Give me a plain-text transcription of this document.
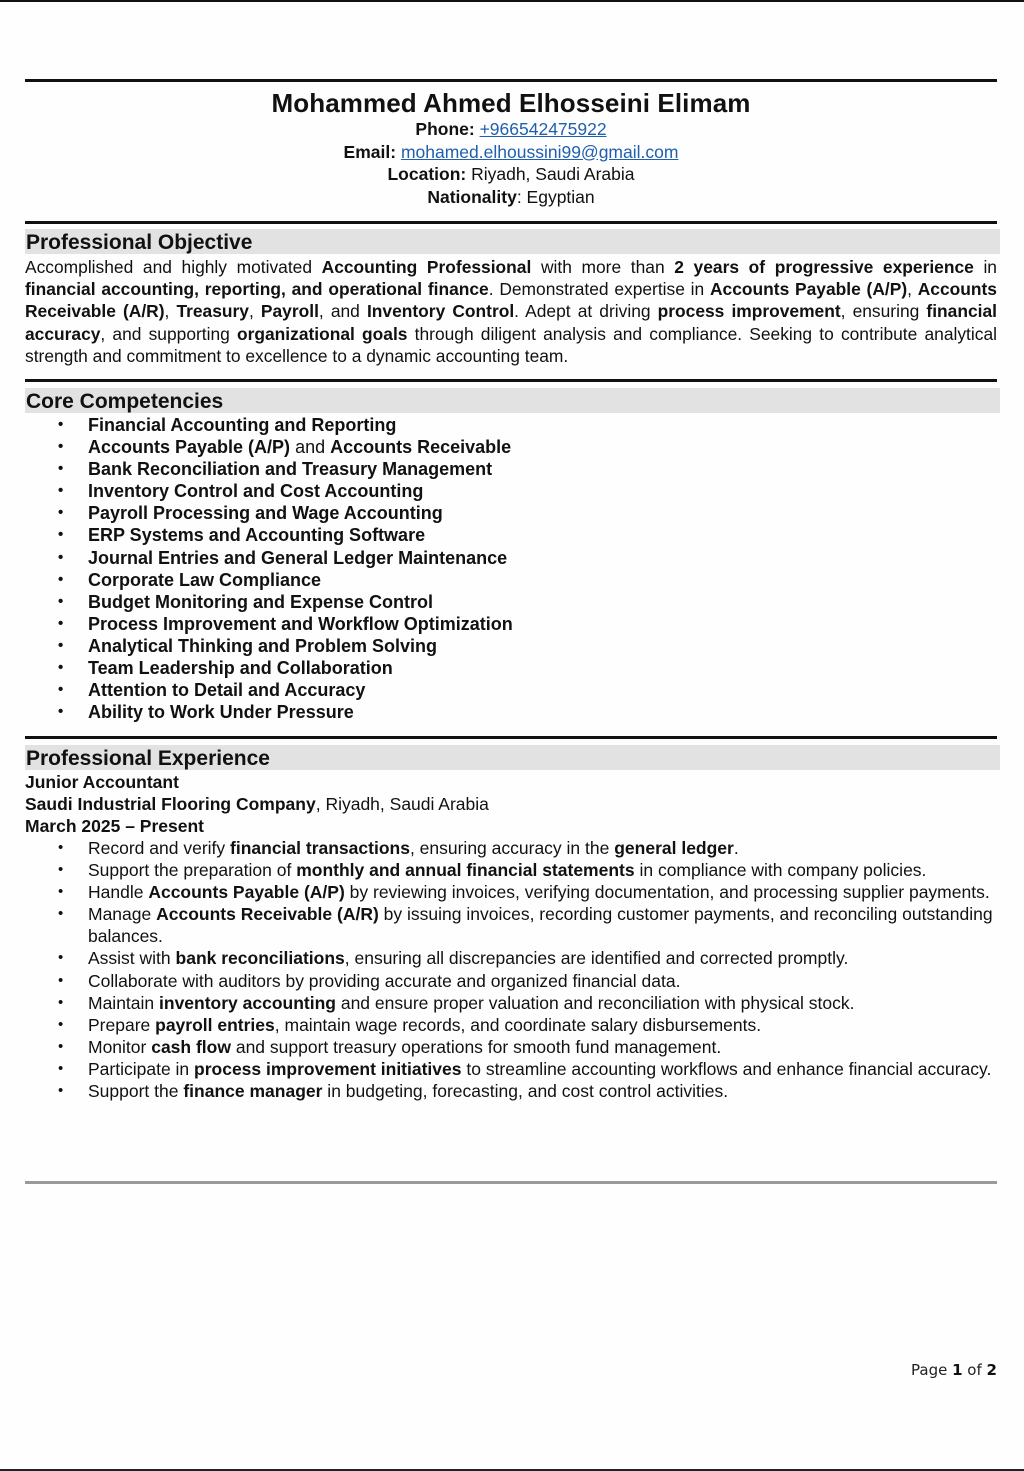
Mohammed Ahmed Elhosseini Elimam
Phone: +966542475922
Email: mohamed.elhoussini99@gmail.com
Location: Riyadh, Saudi Arabia
Nationality: Egyptian
Professional Objective
Accomplished and highly motivated Accounting Professional with more than 2 years of progressive experience in financial accounting, reporting, and operational finance. Demonstrated expertise in Accounts Payable (A/P), Accounts Receivable (A/R), Treasury, Payroll, and Inventory Control. Adept at driving process improvement, ensuring financial accuracy, and supporting organizational goals through diligent analysis and compliance. Seeking to contribute analytical strength and commitment to excellence to a dynamic accounting team.
Core Competencies
• Financial Accounting and Reporting
• Accounts Payable (A/P) and Accounts Receivable
• Bank Reconciliation and Treasury Management
• Inventory Control and Cost Accounting
• Payroll Processing and Wage Accounting
• ERP Systems and Accounting Software
• Journal Entries and General Ledger Maintenance
• Corporate Law Compliance
• Budget Monitoring and Expense Control
• Process Improvement and Workflow Optimization
• Analytical Thinking and Problem Solving
• Team Leadership and Collaboration
• Attention to Detail and Accuracy
• Ability to Work Under Pressure
Professional Experience
Junior Accountant
Saudi Industrial Flooring Company, Riyadh, Saudi Arabia
March 2025 – Present
• Record and verify financial transactions, ensuring accuracy in the general ledger.
• Support the preparation of monthly and annual financial statements in compliance with company policies.
• Handle Accounts Payable (A/P) by reviewing invoices, verifying documentation, and processing supplier payments.
• Manage Accounts Receivable (A/R) by issuing invoices, recording customer payments, and reconciling outstanding balances.
• Assist with bank reconciliations, ensuring all discrepancies are identified and corrected promptly.
• Collaborate with auditors by providing accurate and organized financial data.
• Maintain inventory accounting and ensure proper valuation and reconciliation with physical stock.
• Prepare payroll entries, maintain wage records, and coordinate salary disbursements.
• Monitor cash flow and support treasury operations for smooth fund management.
• Participate in process improvement initiatives to streamline accounting workflows and enhance financial accuracy.
• Support the finance manager in budgeting, forecasting, and cost control activities.
Page 1 of 2
